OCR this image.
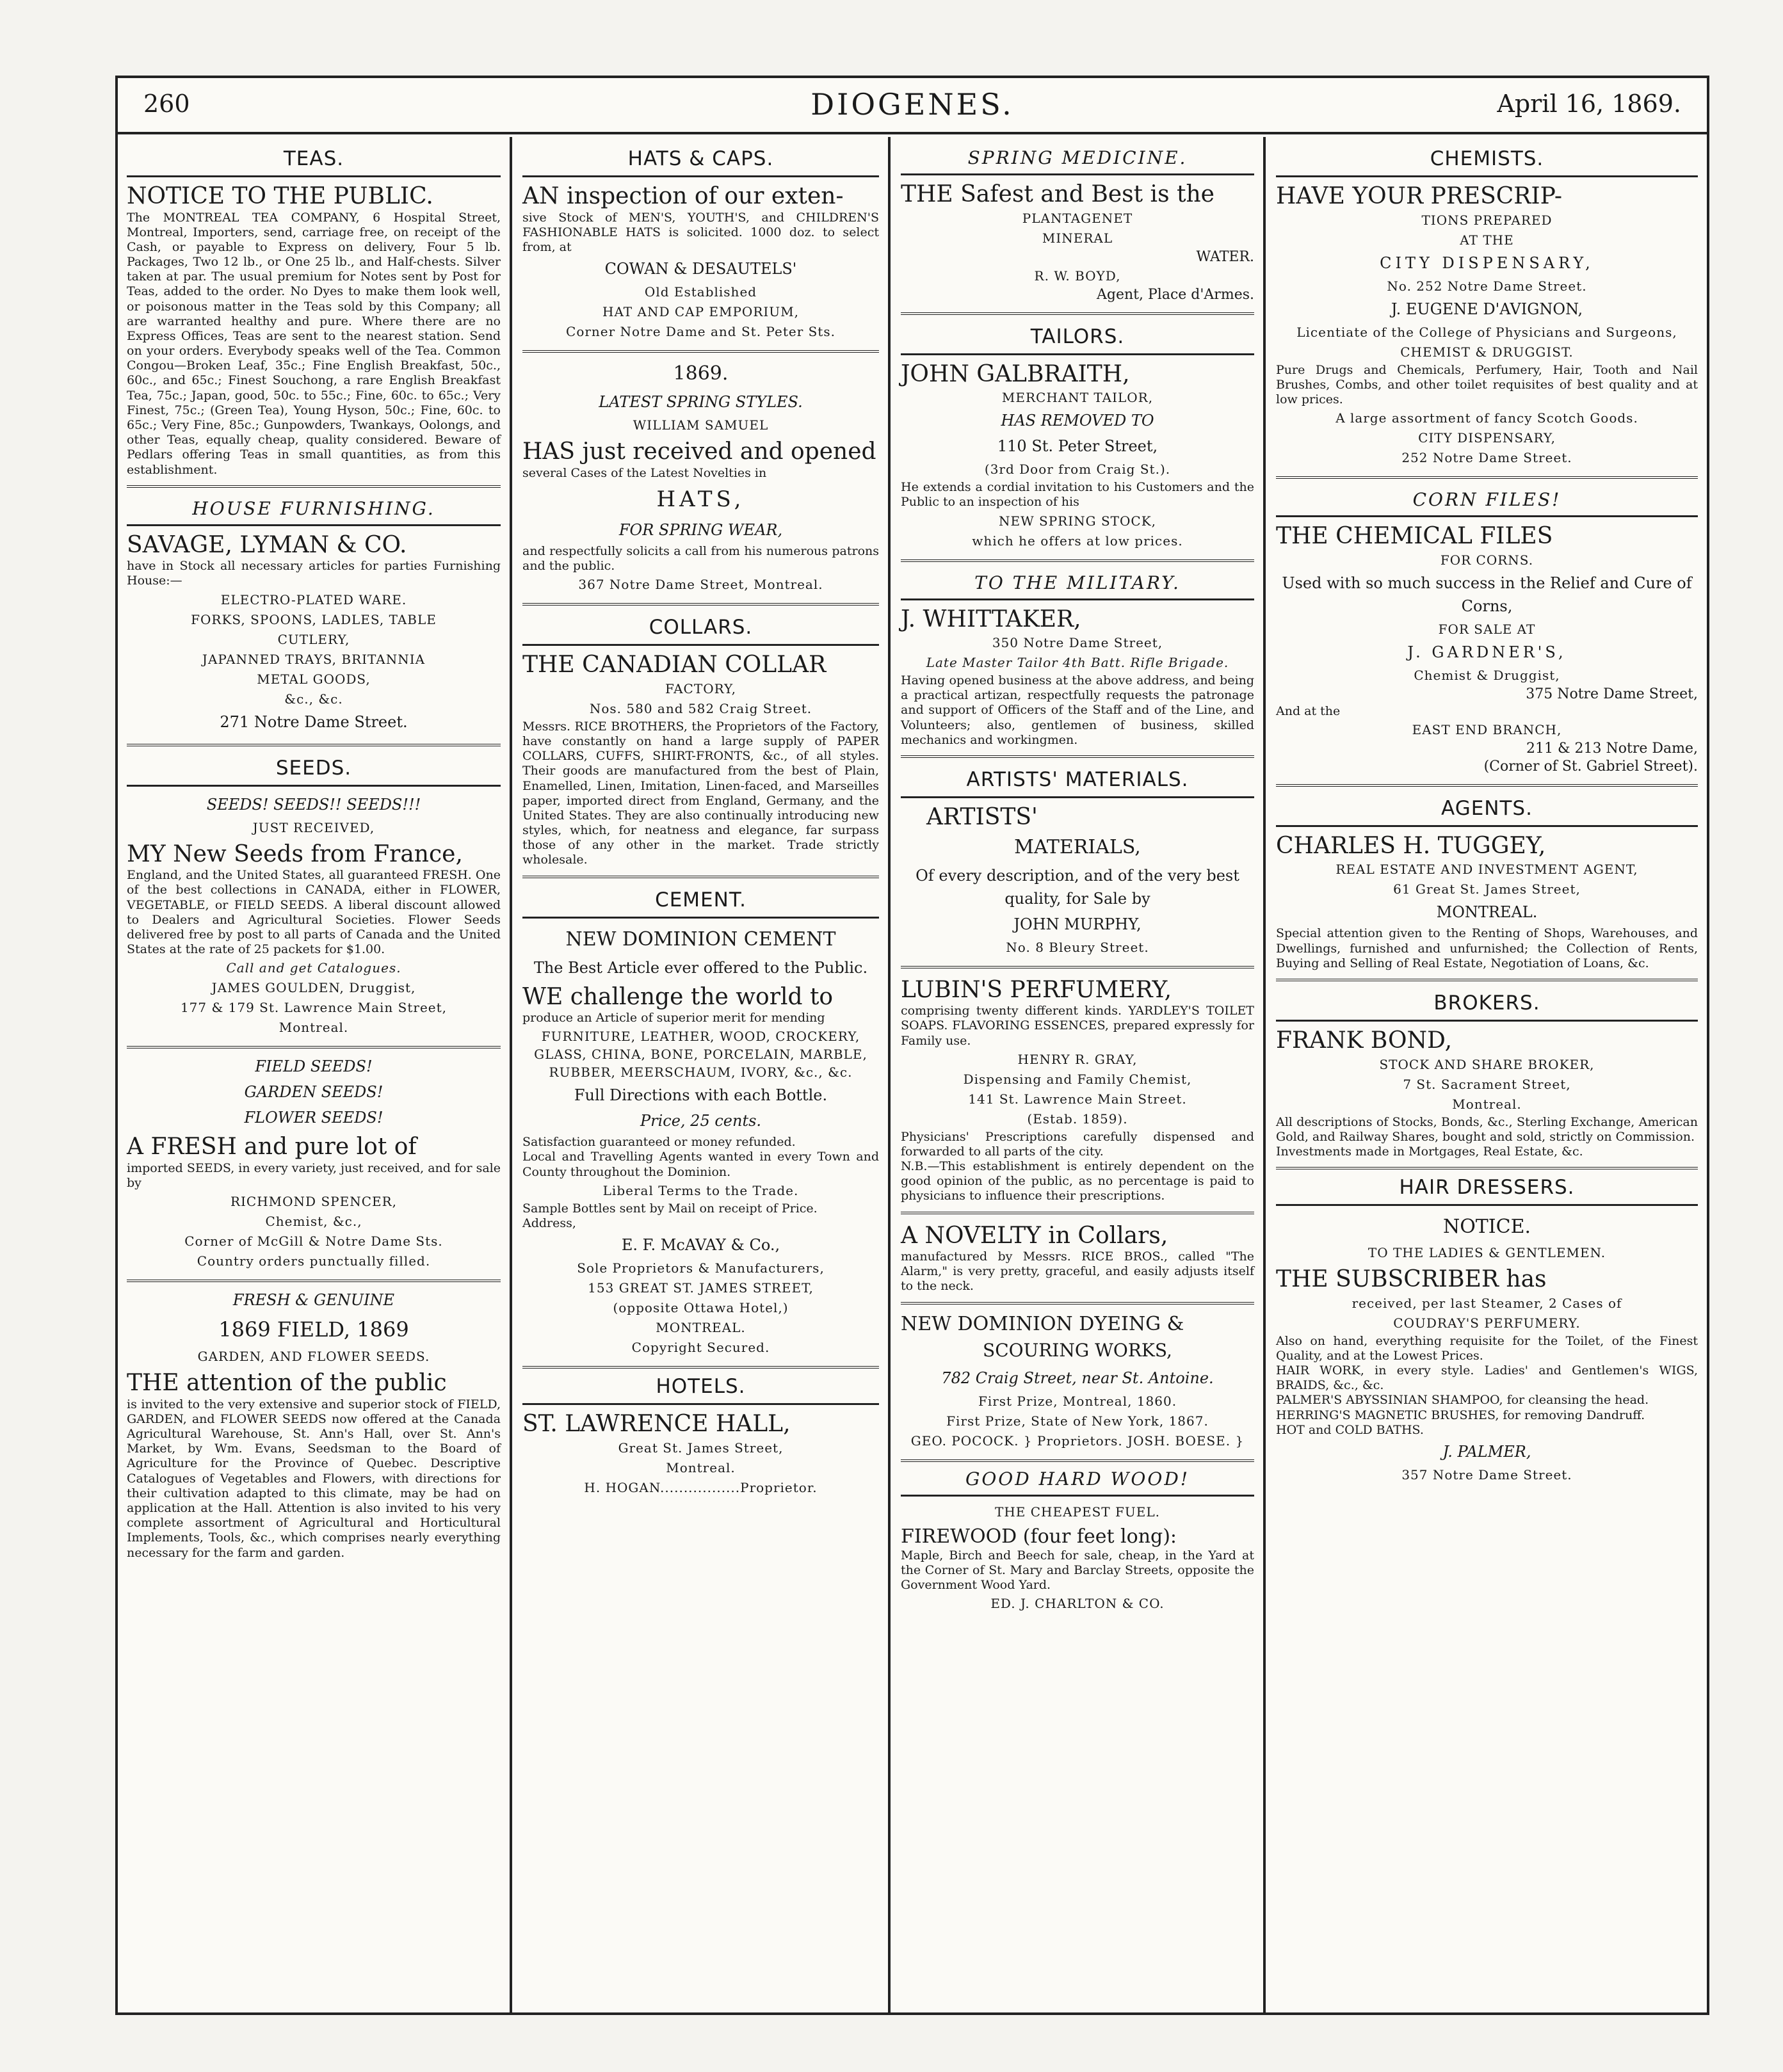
260	DIOGENES.	April 16, 1869.
TEAS.
NOTICE TO THE PUBLIC.
The MONTREAL TEA COMPANY, 6 Hospital Street, Montreal, Importers, send, carriage free, on receipt of the Cash, or payable to Express on delivery, Four 5 lb. Packages, Two 12 lb., or One 25 lb., and Half-chests. Silver taken at par. The usual premium for Notes sent by Post for Teas, added to the order. No Dyes to make them look well, or poisonous matter in the Teas sold by this Company; all are warranted healthy and pure. Where there are no Express Offices, Teas are sent to the nearest station. Send on your orders. Everybody speaks well of the Tea. Common Congou—Broken Leaf, 35c.; Fine English Breakfast, 50c., 60c., and 65c.; Finest Souchong, a rare English Breakfast Tea, 75c.; Japan, good, 50c. to 55c.; Fine, 60c. to 65c.; Very Finest, 75c.; (Green Tea), Young Hyson, 50c.; Fine, 60c. to 65c.; Very Fine, 85c.; Gunpowders, Twankays, Oolongs, and other Teas, equally cheap, quality considered. Beware of Pedlars offering Teas in small quantities, as from this establishment.
HOUSE FURNISHING.
SAVAGE, LYMAN & CO.
have in Stock all necessary articles for parties Furnishing House:—
ELECTRO-PLATED WARE.
FORKS, SPOONS, LADLES, TABLE
CUTLERY,
JAPANNED TRAYS, BRITANNIA
METAL GOODS,
&c., &c.
271 Notre Dame Street.
SEEDS.
SEEDS! SEEDS!! SEEDS!!!
JUST RECEIVED,
MY New Seeds from France,
England, and the United States, all guaranteed FRESH. One of the best collections in CANADA, either in FLOWER, VEGETABLE, or FIELD SEEDS. A liberal discount allowed to Dealers and Agricultural Societies. Flower Seeds delivered free by post to all parts of Canada and the United States at the rate of 25 packets for $1.00.
Call and get Catalogues.
JAMES GOULDEN, Druggist,
177 & 179 St. Lawrence Main Street,
Montreal.
FIELD SEEDS!
GARDEN SEEDS!
FLOWER SEEDS!
A FRESH and pure lot of
imported SEEDS, in every variety, just received, and for sale by
RICHMOND SPENCER,
Chemist, &c.,
Corner of McGill & Notre Dame Sts.
Country orders punctually filled.
FRESH & GENUINE
1869 FIELD, 1869
GARDEN, AND FLOWER SEEDS.
THE attention of the public
is invited to the very extensive and superior stock of FIELD, GARDEN, and FLOWER SEEDS now offered at the Canada Agricultural Warehouse, St. Ann's Hall, over St. Ann's Market, by Wm. Evans, Seedsman to the Board of Agriculture for the Province of Quebec. Descriptive Catalogues of Vegetables and Flowers, with directions for their cultivation adapted to this climate, may be had on application at the Hall. Attention is also invited to his very complete assortment of Agricultural and Horticultural Implements, Tools, &c., which comprises nearly everything necessary for the farm and garden.
HATS & CAPS.
AN inspection of our exten-
sive Stock of MEN'S, YOUTH'S, and CHILDREN'S FASHIONABLE HATS is solicited. 1000 doz. to select from, at
COWAN & DESAUTELS'
Old Established
HAT AND CAP EMPORIUM,
Corner Notre Dame and St. Peter Sts.
1869.
LATEST SPRING STYLES.
WILLIAM SAMUEL
HAS just received and opened
several Cases of the Latest Novelties in
HATS,
FOR SPRING WEAR,
and respectfully solicits a call from his numerous patrons and the public.
367 Notre Dame Street, Montreal.
COLLARS.
THE CANADIAN COLLAR
FACTORY,
Nos. 580 and 582 Craig Street.
Messrs. RICE BROTHERS, the Proprietors of the Factory, have constantly on hand a large supply of PAPER COLLARS, CUFFS, SHIRT-FRONTS, &c., of all styles. Their goods are manufactured from the best of Plain, Enamelled, Linen, Imitation, Linen-faced, and Marseilles paper, imported direct from England, Germany, and the United States. They are also continually introducing new styles, which, for neatness and elegance, far surpass those of any other in the market. Trade strictly wholesale.
CEMENT.
NEW DOMINION CEMENT
The Best Article ever offered to the Public.
WE challenge the world to
produce an Article of superior merit for mending
FURNITURE, LEATHER, WOOD, CROCKERY, GLASS, CHINA, BONE, PORCELAIN, MARBLE, RUBBER, MEERSCHAUM, IVORY, &c., &c.
Full Directions with each Bottle.
Price, 25 cents.
Satisfaction guaranteed or money refunded.
Local and Travelling Agents wanted in every Town and County throughout the Dominion.
Liberal Terms to the Trade.
Sample Bottles sent by Mail on receipt of Price.
Address,
E. F. McAVAY & Co.,
Sole Proprietors & Manufacturers,
153 GREAT ST. JAMES STREET,
(opposite Ottawa Hotel,)
MONTREAL.
Copyright Secured.
HOTELS.
ST. LAWRENCE HALL,
Great St. James Street,
Montreal.
H. HOGAN.................Proprietor.
SPRING MEDICINE.
THE Safest and Best is the
PLANTAGENET
MINERAL
WATER.
R. W. BOYD,
Agent, Place d'Armes.
TAILORS.
JOHN GALBRAITH,
MERCHANT TAILOR,
HAS REMOVED TO
110 St. Peter Street,
(3rd Door from Craig St.).
He extends a cordial invitation to his Customers and the Public to an inspection of his
NEW SPRING STOCK,
which he offers at low prices.
TO THE MILITARY.
J. WHITTAKER,
350 Notre Dame Street,
Late Master Tailor 4th Batt. Rifle Brigade.
Having opened business at the above address, and being a practical artizan, respectfully requests the patronage and support of Officers of the Staff and of the Line, and Volunteers; also, gentlemen of business, skilled mechanics and workingmen.
ARTISTS' MATERIALS.
ARTISTS'
MATERIALS,
Of every description, and of the very best quality, for Sale by
JOHN MURPHY,
No. 8 Bleury Street.
LUBIN'S PERFUMERY,
comprising twenty different kinds. YARDLEY'S TOILET SOAPS. FLAVORING ESSENCES, prepared expressly for Family use.
HENRY R. GRAY,
Dispensing and Family Chemist,
141 St. Lawrence Main Street.
(Estab. 1859).
Physicians' Prescriptions carefully dispensed and forwarded to all parts of the city.
N.B.—This establishment is entirely dependent on the good opinion of the public, as no percentage is paid to physicians to influence their prescriptions.
A NOVELTY in Collars,
manufactured by Messrs. RICE BROS., called "The Alarm," is very pretty, graceful, and easily adjusts itself to the neck.
NEW DOMINION DYEING &
SCOURING WORKS,
782 Craig Street, near St. Antoine.
First Prize, Montreal, 1860.
First Prize, State of New York, 1867.
GEO. POCOCK. } Proprietors. JOSH. BOESE. }
GOOD HARD WOOD!
THE CHEAPEST FUEL.
FIREWOOD (four feet long):
Maple, Birch and Beech for sale, cheap, in the Yard at the Corner of St. Mary and Barclay Streets, opposite the Government Wood Yard.
ED. J. CHARLTON & CO.
CHEMISTS.
HAVE YOUR PRESCRIP-
TIONS PREPARED
AT THE
CITY DISPENSARY,
No. 252 Notre Dame Street.
J. EUGENE D'AVIGNON,
Licentiate of the College of Physicians and Surgeons,
CHEMIST & DRUGGIST.
Pure Drugs and Chemicals, Perfumery, Hair, Tooth and Nail Brushes, Combs, and other toilet requisites of best quality and at low prices.
A large assortment of fancy Scotch Goods.
CITY DISPENSARY,
252 Notre Dame Street.
CORN FILES!
THE CHEMICAL FILES
FOR CORNS.
Used with so much success in the Relief and Cure of Corns,
FOR SALE AT
J. GARDNER'S,
Chemist & Druggist,
375 Notre Dame Street,
And at the
EAST END BRANCH,
211 & 213 Notre Dame,
(Corner of St. Gabriel Street).
AGENTS.
CHARLES H. TUGGEY,
REAL ESTATE AND INVESTMENT AGENT,
61 Great St. James Street,
MONTREAL.
Special attention given to the Renting of Shops, Warehouses, and Dwellings, furnished and unfurnished; the Collection of Rents, Buying and Selling of Real Estate, Negotiation of Loans, &c.
BROKERS.
FRANK BOND,
STOCK AND SHARE BROKER,
7 St. Sacrament Street,
Montreal.
All descriptions of Stocks, Bonds, &c., Sterling Exchange, American Gold, and Railway Shares, bought and sold, strictly on Commission.
Investments made in Mortgages, Real Estate, &c.
HAIR DRESSERS.
NOTICE.
TO THE LADIES & GENTLEMEN.
THE SUBSCRIBER has
received, per last Steamer, 2 Cases of
COUDRAY'S PERFUMERY.
Also on hand, everything requisite for the Toilet, of the Finest Quality, and at the Lowest Prices.
HAIR WORK, in every style. Ladies' and Gentlemen's WIGS, BRAIDS, &c., &c.
PALMER'S ABYSSINIAN SHAMPOO, for cleansing the head.
HERRING'S MAGNETIC BRUSHES, for removing Dandruff.
HOT and COLD BATHS.
J. PALMER,
357 Notre Dame Street.
